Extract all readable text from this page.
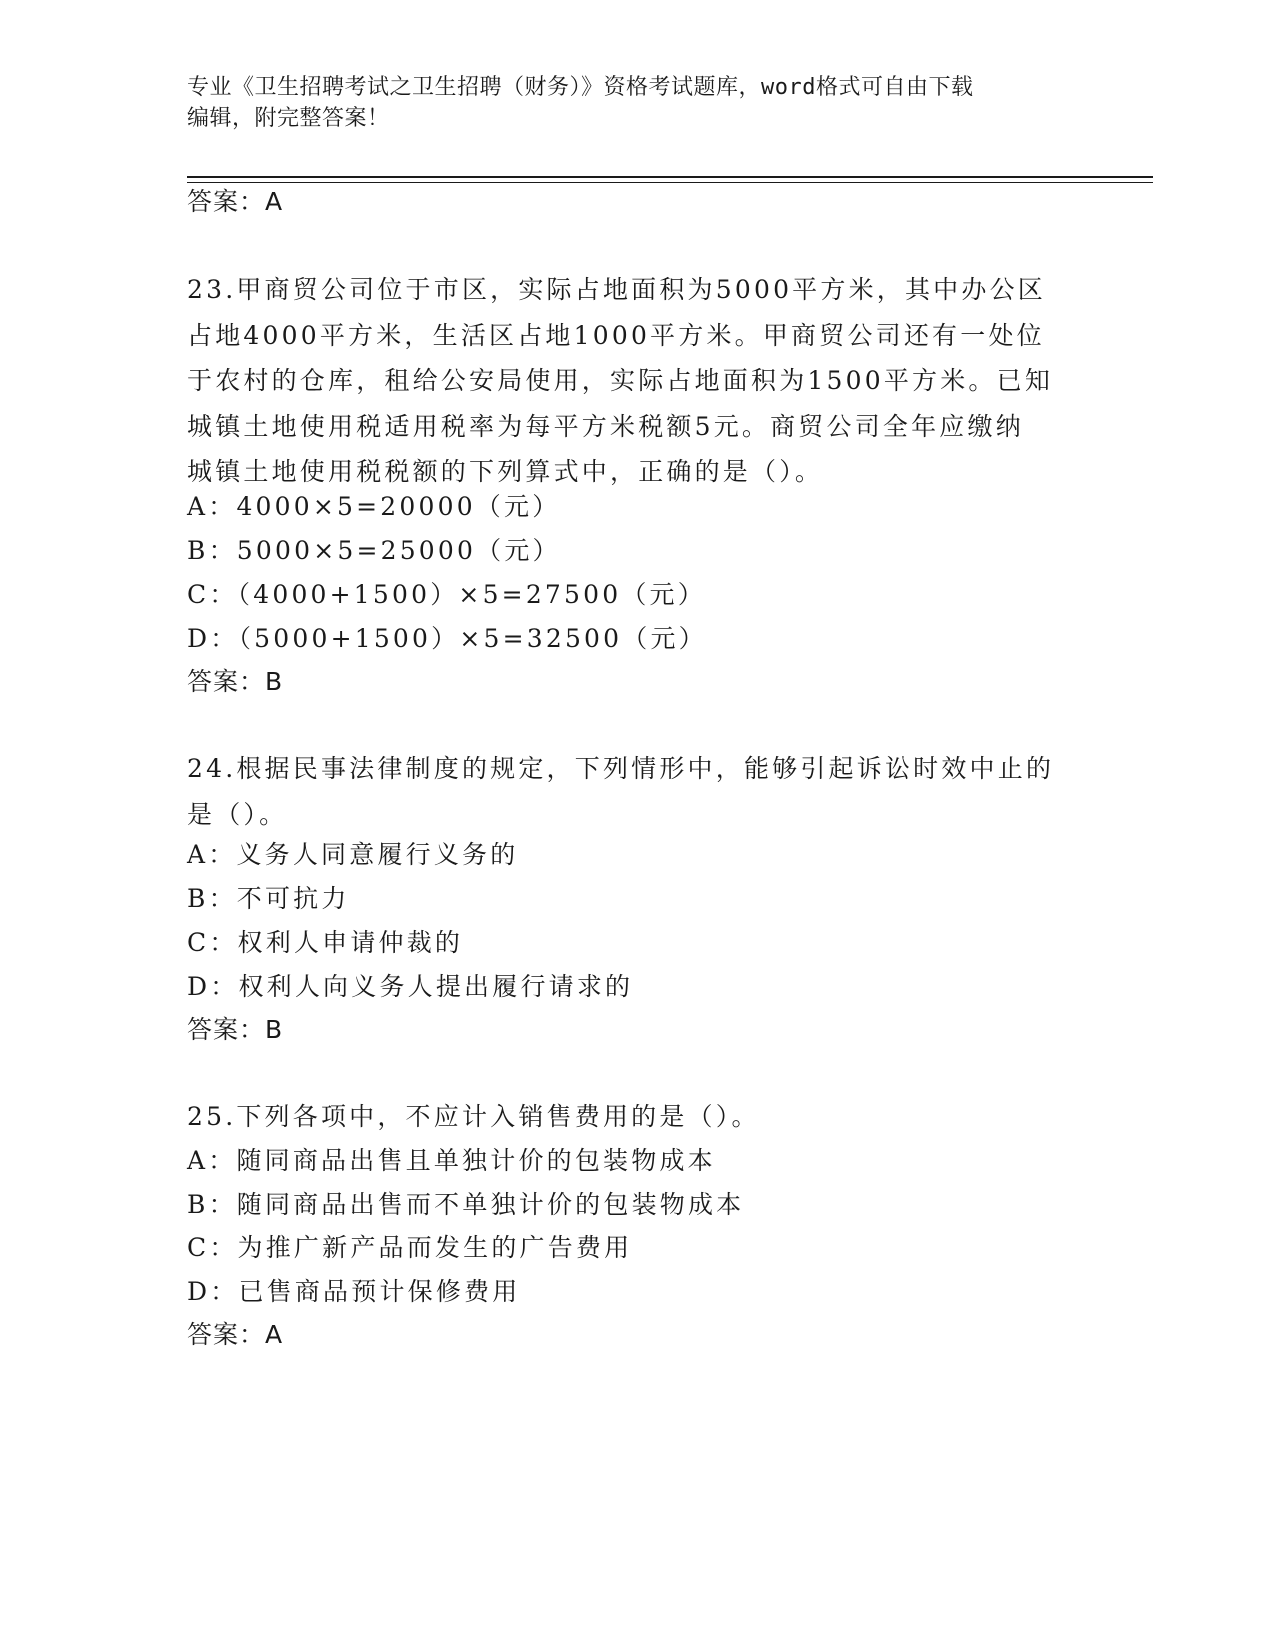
专业《卫生招聘考试之卫生招聘（财务）》资格考试题库，word格式可自由下载
编辑，附完整答案！
答案：A
23.甲商贸公司位于市区，实际占地面积为5000平方米，其中办公区
占地4000平方米，生活区占地1000平方米。甲商贸公司还有一处位
于农村的仓库，租给公安局使用，实际占地面积为1500平方米。已知
城镇土地使用税适用税率为每平方米税额5元。商贸公司全年应缴纳
城镇土地使用税税额的下列算式中，正确的是（）。
A：4000×5=20000（元）
B：5000×5=25000（元）
C：（4000+1500）×5=27500（元）
D：（5000+1500）×5=32500（元）
答案：B
24.根据民事法律制度的规定，下列情形中，能够引起诉讼时效中止的
是（）。
A：义务人同意履行义务的
B：不可抗力
C：权利人申请仲裁的
D：权利人向义务人提出履行请求的
答案：B
25.下列各项中，不应计入销售费用的是（）。
A：随同商品出售且单独计价的包装物成本
B：随同商品出售而不单独计价的包装物成本
C：为推广新产品而发生的广告费用
D：已售商品预计保修费用
答案：A
